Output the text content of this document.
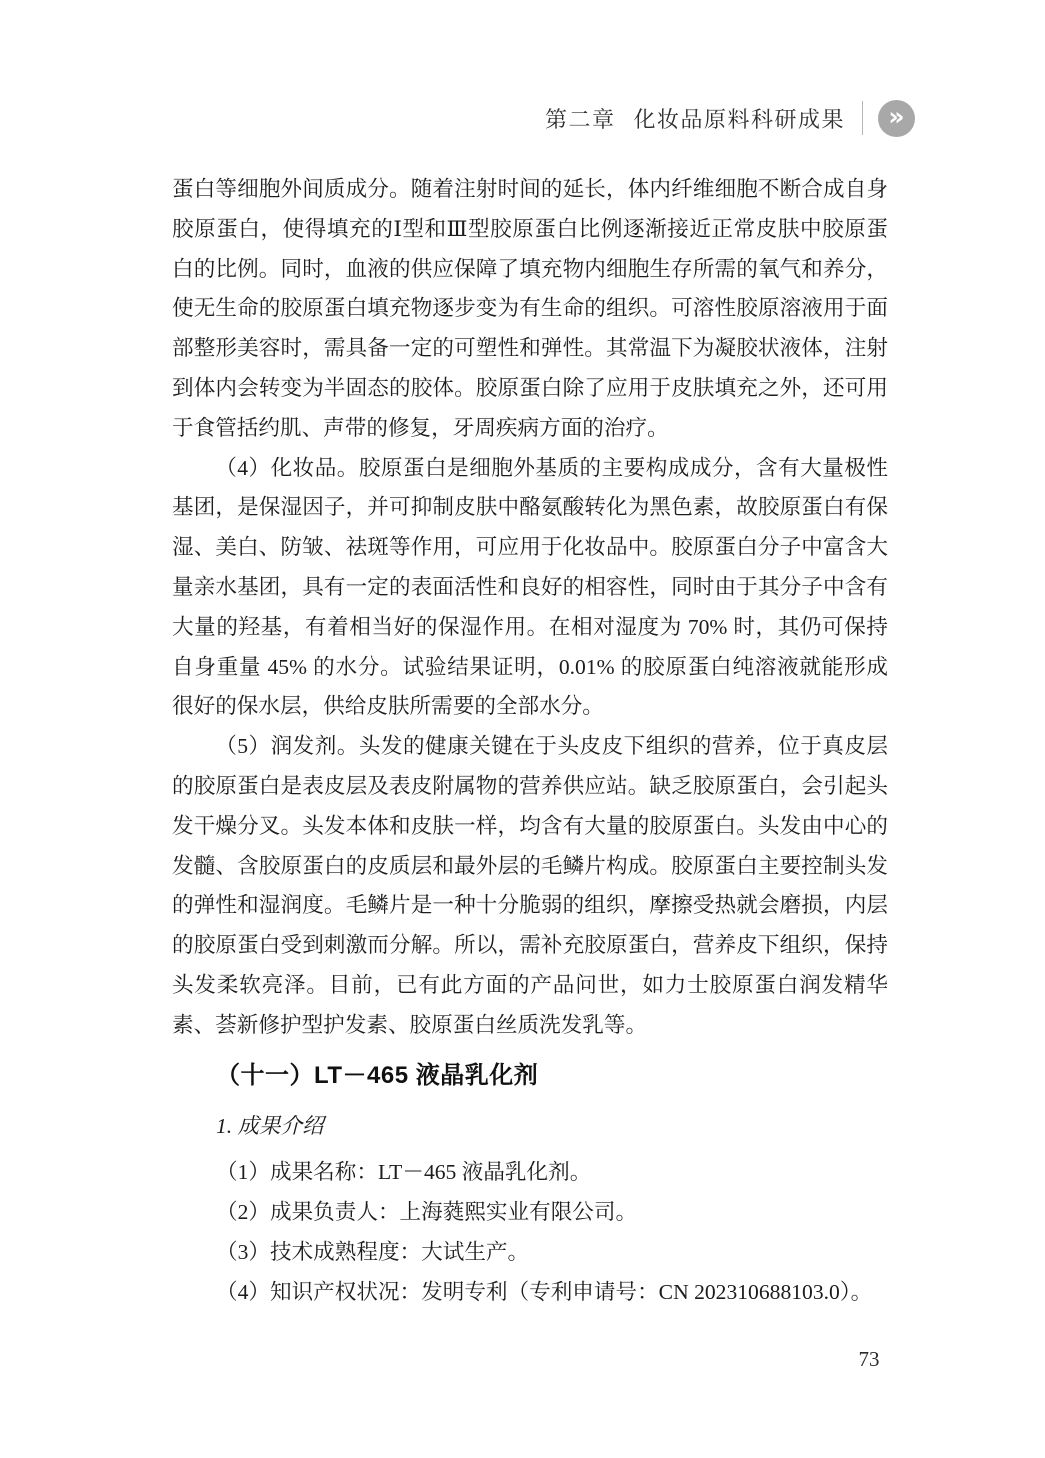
第二章 化妆品原料科研成果 »

蛋白等细胞外间质成分。随着注射时间的延长，体内纤维细胞不断合成自身胶原蛋白，使得填充的Ⅰ型和Ⅲ型胶原蛋白比例逐渐接近正常皮肤中胶原蛋白的比例。同时，血液的供应保障了填充物内细胞生存所需的氧气和养分，使无生命的胶原蛋白填充物逐步变为有生命的组织。可溶性胶原溶液用于面部整形美容时，需具备一定的可塑性和弹性。其常温下为凝胶状液体，注射到体内会转变为半固态的胶体。胶原蛋白除了应用于皮肤填充之外，还可用于食管括约肌、声带的修复，牙周疾病方面的治疗。

（4）化妆品。胶原蛋白是细胞外基质的主要构成成分，含有大量极性基团，是保湿因子，并可抑制皮肤中酪氨酸转化为黑色素，故胶原蛋白有保湿、美白、防皱、祛斑等作用，可应用于化妆品中。胶原蛋白分子中富含大量亲水基团，具有一定的表面活性和良好的相容性，同时由于其分子中含有大量的羟基，有着相当好的保湿作用。在相对湿度为 70% 时，其仍可保持自身重量 45% 的水分。试验结果证明，0.01% 的胶原蛋白纯溶液就能形成很好的保水层，供给皮肤所需要的全部水分。

（5）润发剂。头发的健康关键在于头皮皮下组织的营养，位于真皮层的胶原蛋白是表皮层及表皮附属物的营养供应站。缺乏胶原蛋白，会引起头发干燥分叉。头发本体和皮肤一样，均含有大量的胶原蛋白。头发由中心的发髓、含胶原蛋白的皮质层和最外层的毛鳞片构成。胶原蛋白主要控制头发的弹性和湿润度。毛鳞片是一种十分脆弱的组织，摩擦受热就会磨损，内层的胶原蛋白受到刺激而分解。所以，需补充胶原蛋白，营养皮下组织，保持头发柔软亮泽。目前，已有此方面的产品问世，如力士胶原蛋白润发精华素、荟新修护型护发素、胶原蛋白丝质洗发乳等。

（十一）LT－465 液晶乳化剂
1. 成果介绍

（1）成果名称：LT－465 液晶乳化剂。

（2）成果负责人：上海蕤熙实业有限公司。

（3）技术成熟程度：大试生产。

（4）知识产权状况：发明专利（专利申请号：CN 202310688103.0）。

73
